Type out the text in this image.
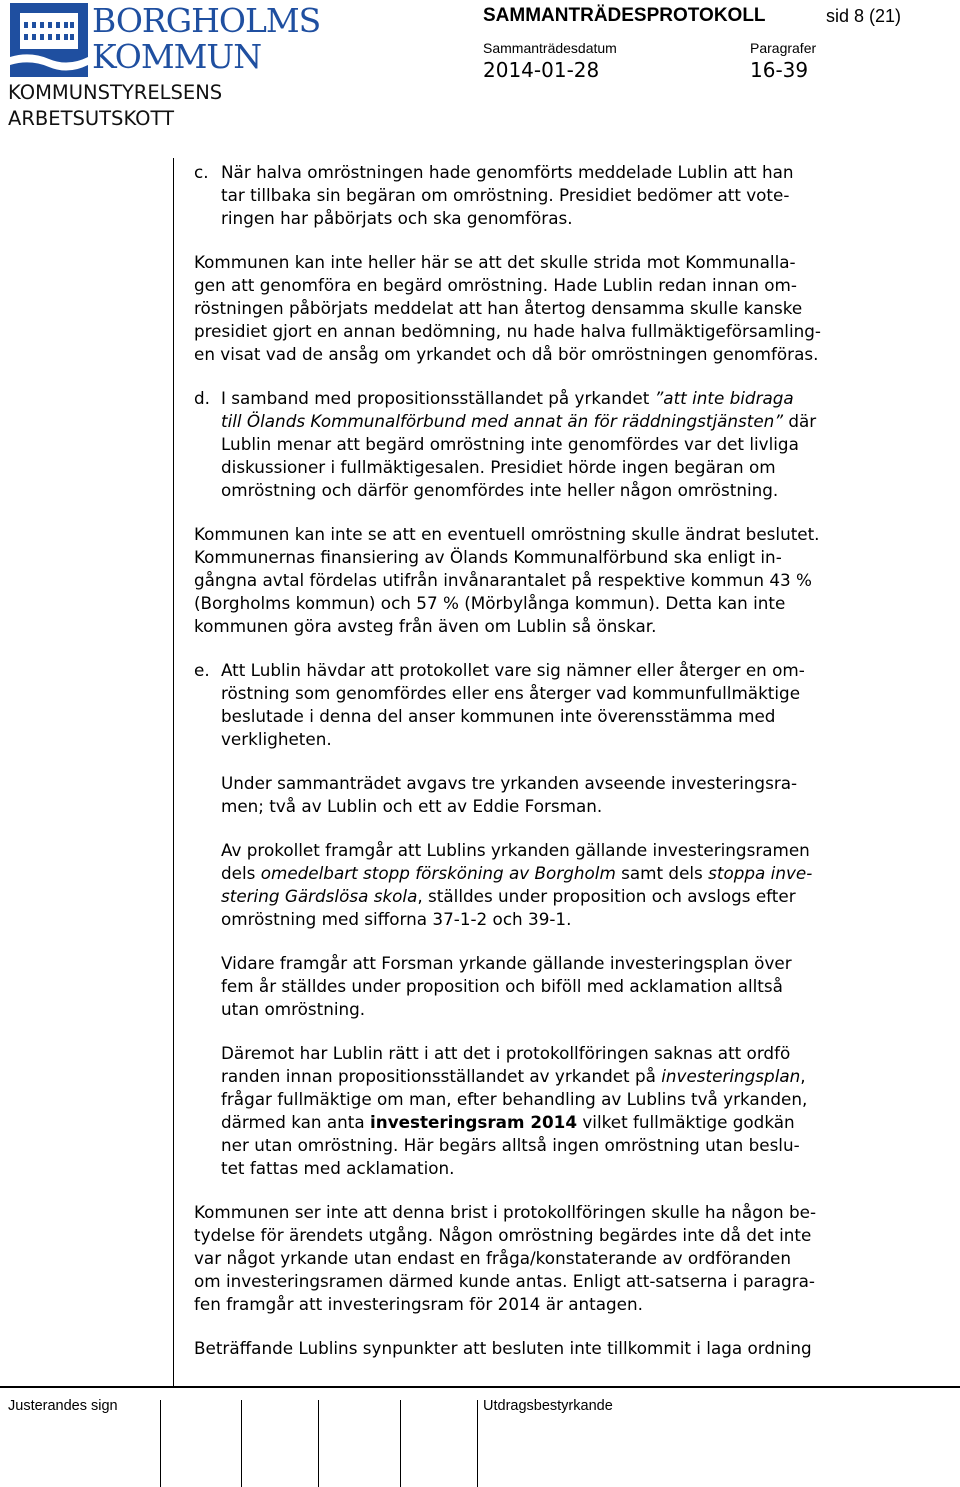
BORGHOLMS
KOMMUN
KOMMUNSTYRELSENS
ARBETSUTSKOTT
SAMMANTRÄDESPROTOKOLL	sid 8 (21)
Sammanträdesdatum
2014-01-28
Paragrafer
16-39
c. När halva omröstningen hade genomförts meddelade Lublin att han
tar tillbaka sin begäran om omröstning. Presidiet bedömer att vote-
ringen har påbörjats och ska genomföras.
Kommunen kan inte heller här se att det skulle strida mot Kommunalla-
gen att genomföra en begärd omröstning. Hade Lublin redan innan om-
röstningen påbörjats meddelat att han återtog densamma skulle kanske
presidiet gjort en annan bedömning, nu hade halva fullmäktigeförsamling-
en visat vad de ansåg om yrkandet och då bör omröstningen genomföras.
d. I samband med propositionsställandet på yrkandet ”att inte bidraga
till Ölands Kommunalförbund med annat än för räddningstjänsten” där
Lublin menar att begärd omröstning inte genomfördes var det livliga
diskussioner i fullmäktigesalen. Presidiet hörde ingen begäran om
omröstning och därför genomfördes inte heller någon omröstning.
Kommunen kan inte se att en eventuell omröstning skulle ändrat beslutet.
Kommunernas finansiering av Ölands Kommunalförbund ska enligt in-
gångna avtal fördelas utifrån invånarantalet på respektive kommun 43 %
(Borgholms kommun) och 57 % (Mörbylånga kommun). Detta kan inte
kommunen göra avsteg från även om Lublin så önskar.
e. Att Lublin hävdar att protokollet vare sig nämner eller återger en om-
röstning som genomfördes eller ens återger vad kommunfullmäktige
beslutade i denna del anser kommunen inte överensstämma med
verkligheten.
Under sammanträdet avgavs tre yrkanden avseende investeringsra-
men; två av Lublin och ett av Eddie Forsman.
Av prokollet framgår att Lublins yrkanden gällande investeringsramen
dels omedelbart stopp försköning av Borgholm samt dels stoppa inve-
stering Gärdslösa skola, ställdes under proposition och avslogs efter
omröstning med sifforna 37-1-2 och 39-1.
Vidare framgår att Forsman yrkande gällande investeringsplan över
fem år ställdes under proposition och biföll med acklamation alltså
utan omröstning.
Däremot har Lublin rätt i att det i protokollföringen saknas att ordfö
randen innan propositionsställandet av yrkandet på investeringsplan,
frågar fullmäktige om man, efter behandling av Lublins två yrkanden,
därmed kan anta investeringsram 2014 vilket fullmäktige godkän
ner utan omröstning. Här begärs alltså ingen omröstning utan beslu-
tet fattas med acklamation.
Kommunen ser inte att denna brist i protokollföringen skulle ha någon be-
tydelse för ärendets utgång. Någon omröstning begärdes inte då det inte
var något yrkande utan endast en fråga/konstaterande av ordföranden
om investeringsramen därmed kunde antas. Enligt att-satserna i paragra-
fen framgår att investeringsram för 2014 är antagen.
Beträffande Lublins synpunkter att besluten inte tillkommit i laga ordning
Justerandes sign	Utdragsbestyrkande
